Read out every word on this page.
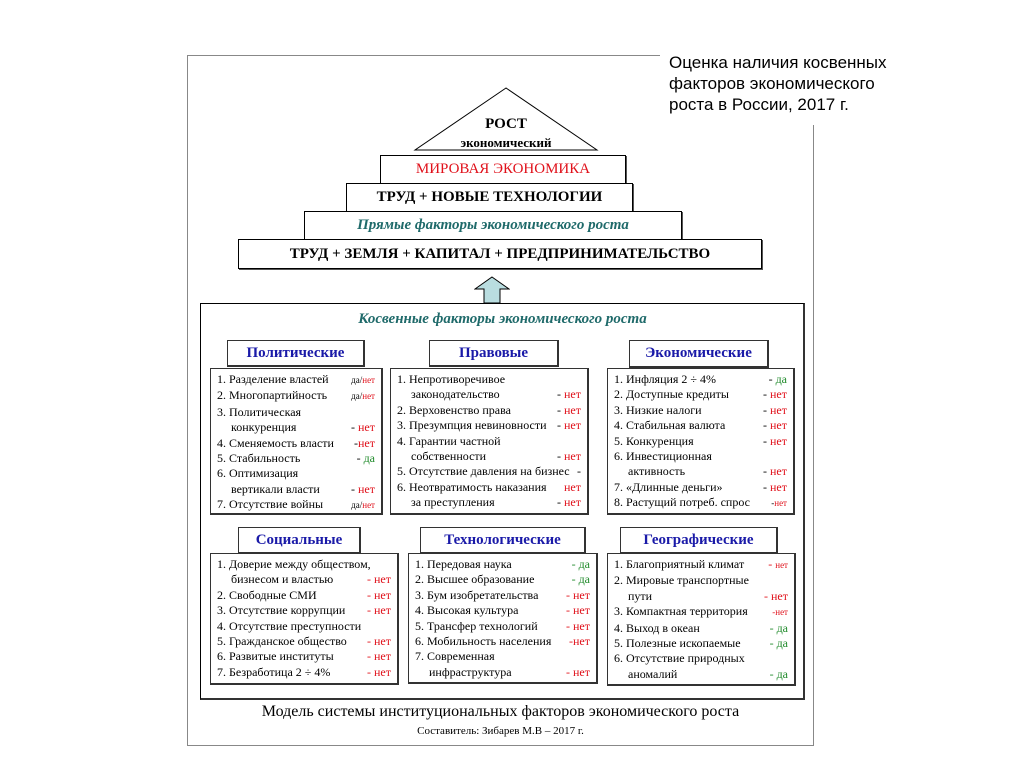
Оценка наличия косвенных
факторов экономического
роста в России, 2017 г.
РОСТ
экономический
МИРОВАЯ ЭКОНОМИКА
ТРУД + НОВЫЕ ТЕХНОЛОГИИ
Прямые факторы экономического роста
ТРУД + ЗЕМЛЯ + КАПИТАЛ + ПРЕДПРИНИМАТЕЛЬСТВО
Косвенные факторы экономического роста
Политические
1. Разделение властей	да/нет
2. Многопартийность	да/нет
3. Политическая
конкуренция	- нет
4. Сменяемость власти -нет
5. Стабильность	- да
6. Оптимизация
вертикали власти	- нет
7. Отсутствие войны	да/нет
Правовые
1. Непротиворечивое
законодательство	- нет
2. Верховенство права	- нет
3. Презумпция невиновности - нет
4. Гарантии частной
собственности	- нет
5. Отсутствие давления на бизнес -
6. Неотвратимость наказания нет
за преступления	- нет
Экономические
1. Инфляция 2 ÷ 4%	- да
2. Доступные кредиты	- нет
3. Низкие налоги	- нет
4. Стабильная валюта	- нет
5. Конкуренция	- нет
6. Инвестиционная
активность	- нет
7. «Длинные деньги»	- нет
8. Растущий потреб. спрос -нет
Социальные
1. Доверие между обществом,
бизнесом и властью	- нет
2. Свободные СМИ	- нет
3. Отсутствие коррупции - нет
4. Отсутствие преступности
5. Гражданское общество - нет
6. Развитые институты	- нет
7. Безработица 2 ÷ 4%	- нет
Технологические
1. Передовая наука	- да
2. Высшее образование	- да
3. Бум изобретательства - нет
4. Высокая культура	- нет
5. Трансфер технологий - нет
6. Мобильность населения -нет
7. Современная
инфраструктура	- нет
Географические
1. Благоприятный климат - нет
2. Мировые транспортные
пути	- нет
3. Компактная территория	-нет
4. Выход в океан	- да
5. Полезные ископаемые - да
6. Отсутствие природных
аномалий	- да
Модель системы институциональных факторов экономического роста
Составитель: Зибарев М.В – 2017 г.
